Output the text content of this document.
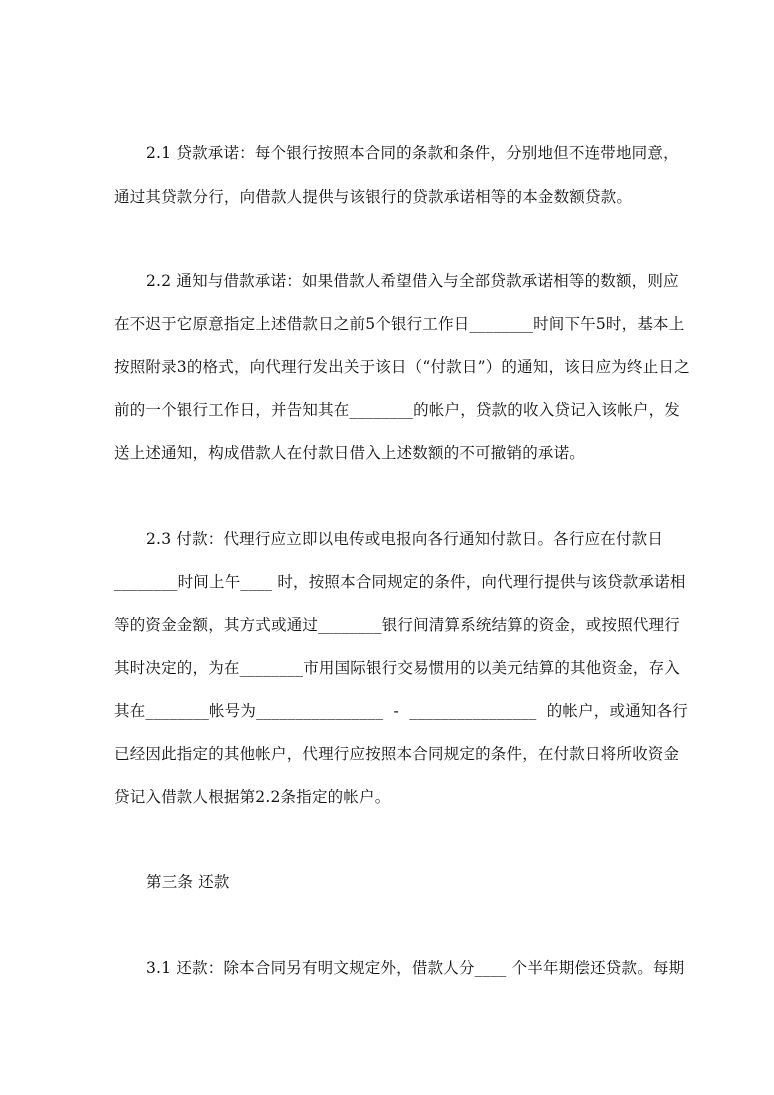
2.1 贷款承诺：每个银行按照本合同的条款和条件，分别地但不连带地同意，
通过其贷款分行，向借款人提供与该银行的贷款承诺相等的本金数额贷款。
2.2 通知与借款承诺：如果借款人希望借入与全部贷款承诺相等的数额，则应
在不迟于它原意指定上述借款日之前5个银行工作日________时间下午5时，基本上
按照附录3的格式，向代理行发出关于该日（“付款日”）的通知，该日应为终止日之
前的一个银行工作日，并告知其在________的帐户，贷款的收入贷记入该帐户，发
送上述通知，构成借款人在付款日借入上述数额的不可撤销的承诺。
2.3 付款：代理行应立即以电传或电报向各行通知付款日。各行应在付款日
________时间上午____ 时，按照本合同规定的条件，向代理行提供与该贷款承诺相
等的资金金额，其方式或通过________银行间清算系统结算的资金，或按照代理行
其时决定的，为在________市用国际银行交易惯用的以美元结算的其他资金，存入
其在________帐号为________________  -  ________________  的帐户，或通知各行
已经因此指定的其他帐户，代理行应按照本合同规定的条件，在付款日将所收资金
贷记入借款人根据第2.2条指定的帐户。
第三条 还款
3.1 还款：除本合同另有明文规定外，借款人分____ 个半年期偿还贷款。每期
